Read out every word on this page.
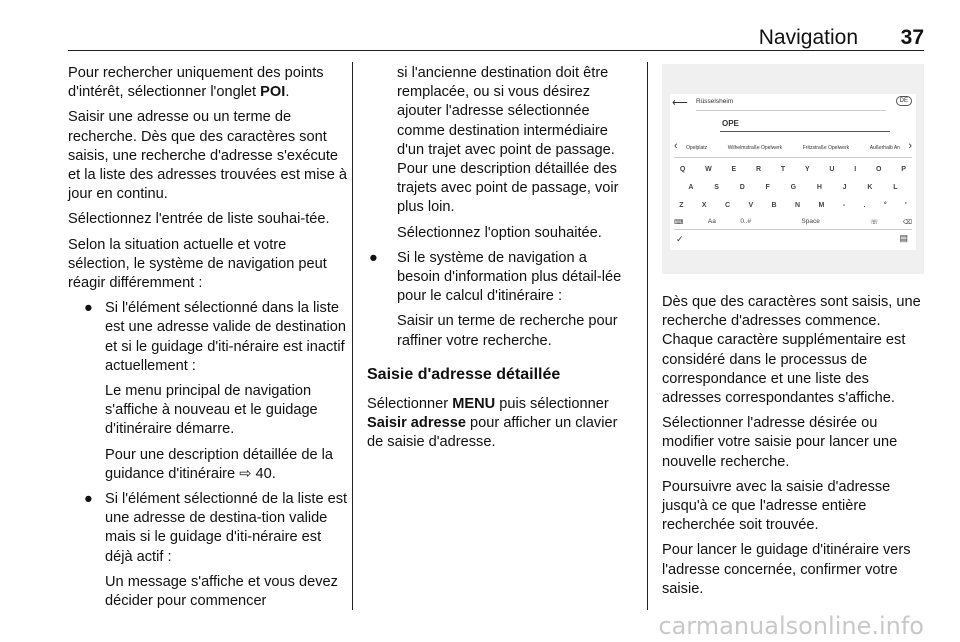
Navigation 37

Pour rechercher uniquement des points d'intérêt, sélectionner l'onglet POI.

Saisir une adresse ou un terme de recherche. Dès que des caractères sont saisis, une recherche d'adresse s'exécute et la liste des adresses trouvées est mise à jour en continu.

Sélectionnez l'entrée de liste souhai-tée.

Selon la situation actuelle et votre sélection, le système de navigation peut réagir différemment :

● Si l'élément sélectionné dans la liste est une adresse valide de destination et si le guidage d'iti-néraire est inactif actuellement :

Le menu principal de navigation s'affiche à nouveau et le guidage d'itinéraire démarre.

Pour une description détaillée de la guidance d'itinéraire ⇨ 40.

● Si l'élément sélectionné de la liste est une adresse de destina-tion valide mais si le guidage d'iti-néraire est déjà actif :

Un message s'affiche et vous devez décider pour commencer

si l'ancienne destination doit être remplacée, ou si vous désirez ajouter l'adresse sélectionnée comme destination intermédiaire d'un trajet avec point de passage. Pour une description détaillée des trajets avec point de passage, voir plus loin.

Sélectionnez l'option souhaitée.

● Si le système de navigation a besoin d'information plus détail-lée pour le calcul d'itinéraire :

Saisir un terme de recherche pour raffiner votre recherche.

Saisie d'adresse détaillée

Sélectionner MENU puis sélectionner Saisir adresse pour afficher un clavier de saisie d'adresse.

⟵ Rüsselsheim	DE
OPE
‹	›
Opelplatz	Wilhelmstraße Opelwerk	Fritzstraße Opelwerk	Außerhalb An
Q	W	E	R	T	Y	U	I	O	P
A	S	D	F	G	H	J	K	L
Z	X	C	V	B	N	M	-	.	°	'
⌨	Aa	0..#	Space	☏	⌫
✓	▤

Dès que des caractères sont saisis, une recherche d'adresses commence. Chaque caractère supplémentaire est considéré dans le processus de correspondance et une liste des adresses correspondantes s'affiche.

Sélectionner l'adresse désirée ou modifier votre saisie pour lancer une nouvelle recherche.

Poursuivre avec la saisie d'adresse jusqu'à ce que l'adresse entière recherchée soit trouvée.

Pour lancer le guidage d'itinéraire vers l'adresse concernée, confirmer votre saisie.

carmanualsonline.info
